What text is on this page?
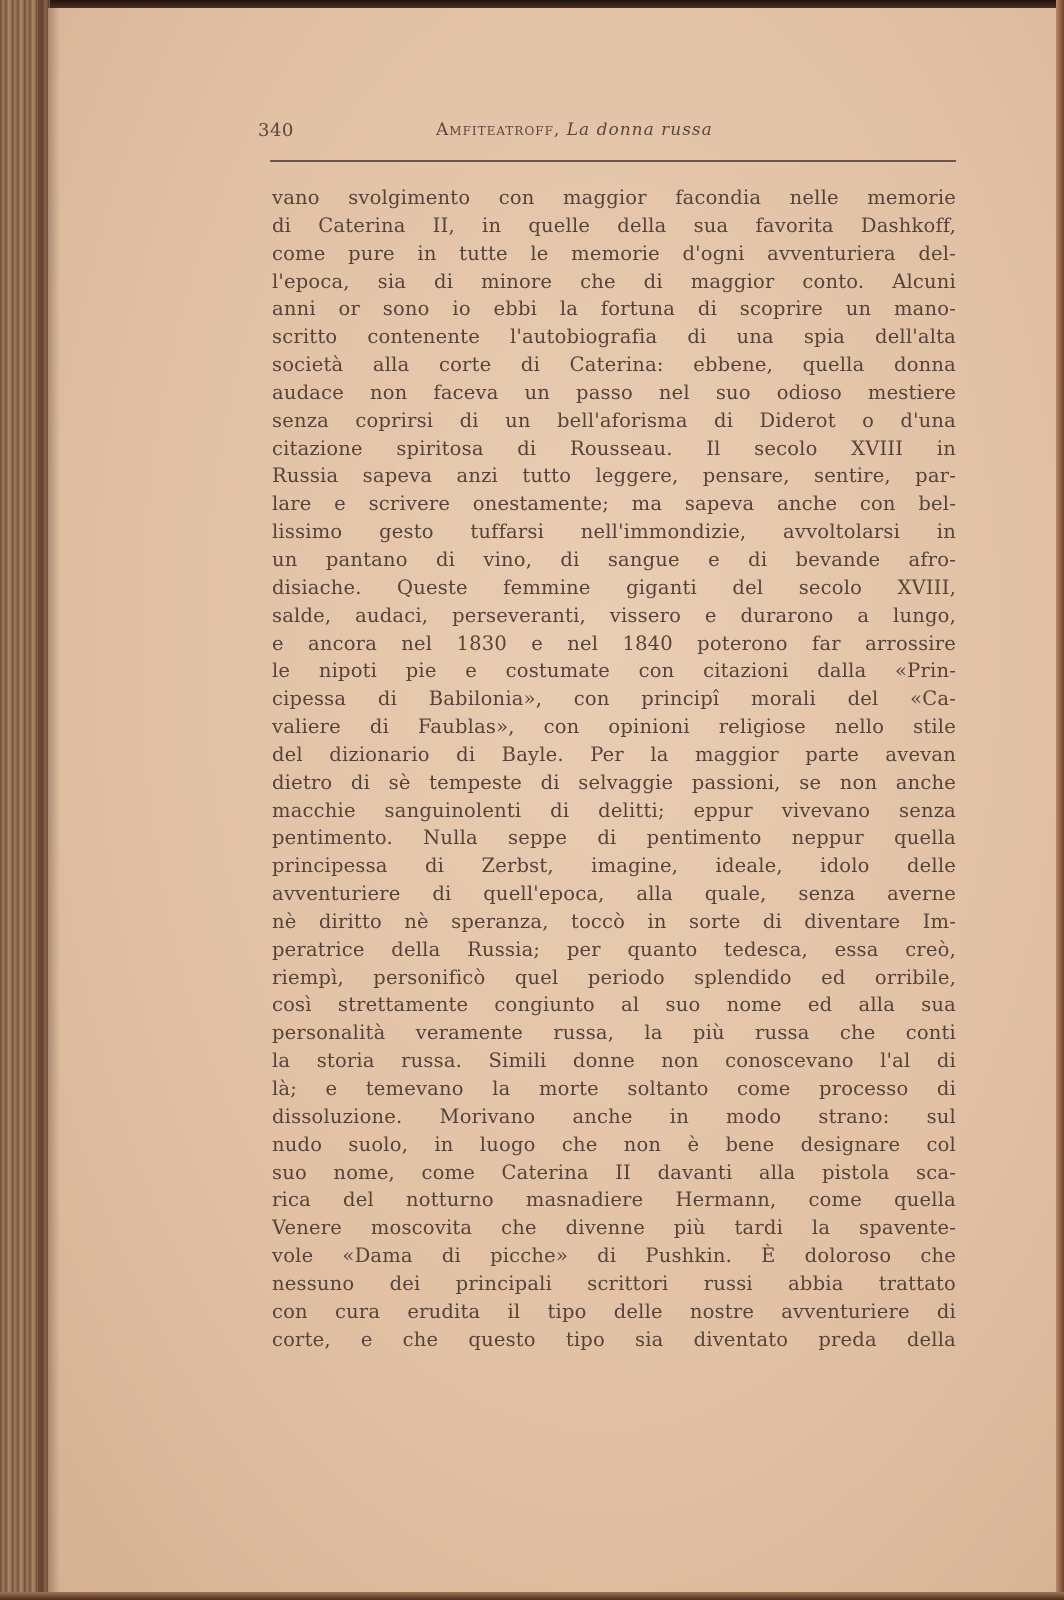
340	Amfiteatroff, La donna russa
vano svolgimento con maggior facondia nelle memorie
di Caterina II, in quelle della sua favorita Dashkoff,
come pure in tutte le memorie d'ogni avventuriera del-
l'epoca, sia di minore che di maggior conto. Alcuni
anni or sono io ebbi la fortuna di scoprire un mano-
scritto contenente l'autobiografia di una spia dell'alta
società alla corte di Caterina: ebbene, quella donna
audace non faceva un passo nel suo odioso mestiere
senza coprirsi di un bell'aforisma di Diderot o d'una
citazione spiritosa di Rousseau. Il secolo XVIII in
Russia sapeva anzi tutto leggere, pensare, sentire, par-
lare e scrivere onestamente; ma sapeva anche con bel-
lissimo gesto tuffarsi nell'immondizie, avvoltolarsi in
un pantano di vino, di sangue e di bevande afro-
disiache. Queste femmine giganti del secolo XVIII,
salde, audaci, perseveranti, vissero e durarono a lungo,
e ancora nel 1830 e nel 1840 poterono far arrossire
le nipoti pie e costumate con citazioni dalla «Prin-
cipessa di Babilonia», con principî morali del «Ca-
valiere di Faublas», con opinioni religiose nello stile
del dizionario di Bayle. Per la maggior parte avevan
dietro di sè tempeste di selvaggie passioni, se non anche
macchie sanguinolenti di delitti; eppur vivevano senza
pentimento. Nulla seppe di pentimento neppur quella
principessa di Zerbst, imagine, ideale, idolo delle
avventuriere di quell'epoca, alla quale, senza averne
nè diritto nè speranza, toccò in sorte di diventare Im-
peratrice della Russia; per quanto tedesca, essa creò,
riempì, personificò quel periodo splendido ed orribile,
così strettamente congiunto al suo nome ed alla sua
personalità veramente russa, la più russa che conti
la storia russa. Simili donne non conoscevano l'al di
là; e temevano la morte soltanto come processo di
dissoluzione. Morivano anche in modo strano: sul
nudo suolo, in luogo che non è bene designare col
suo nome, come Caterina II davanti alla pistola sca-
rica del notturno masnadiere Hermann, come quella
Venere moscovita che divenne più tardi la spavente-
vole «Dama di picche» di Pushkin. È doloroso che
nessuno dei principali scrittori russi abbia trattato
con cura erudita il tipo delle nostre avventuriere di
corte, e che questo tipo sia diventato preda della
